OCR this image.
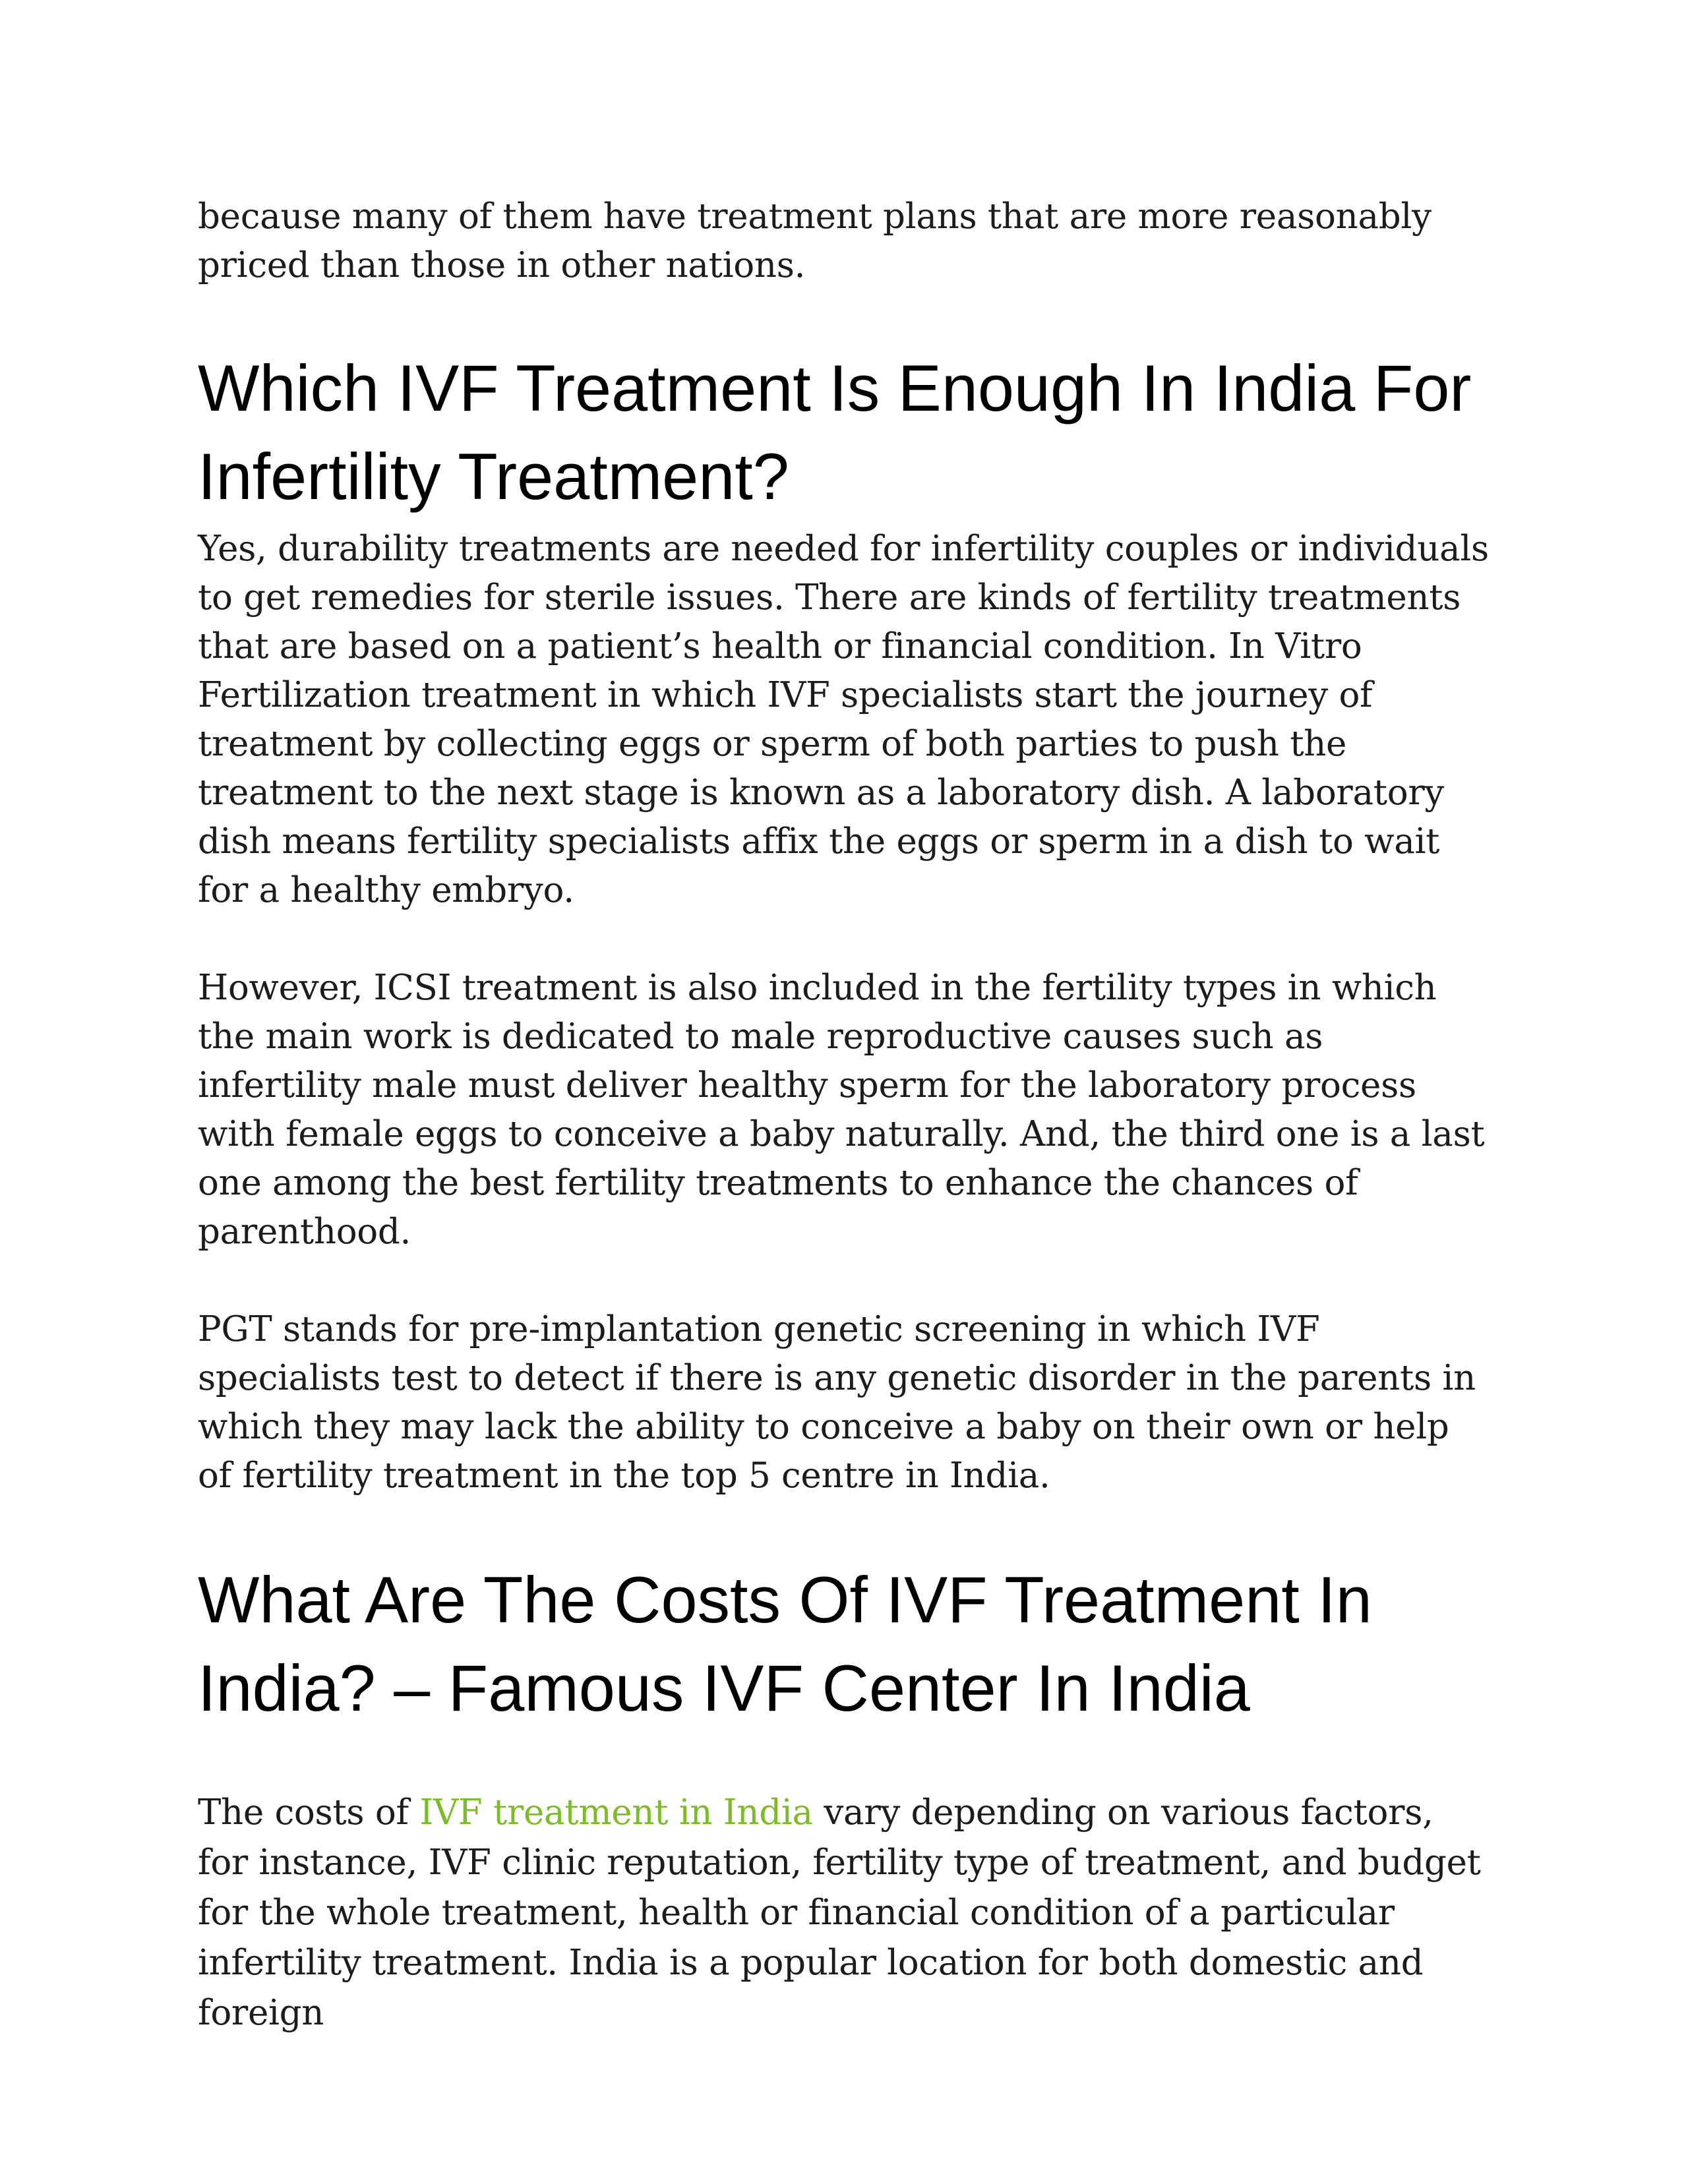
because many of them have treatment plans that are more reasonably priced than those in other nations.

Which IVF Treatment Is Enough In India For Infertility Treatment?

Yes, durability treatments are needed for infertility couples or individuals to get remedies for sterile issues. There are kinds of fertility treatments that are based on a patient’s health or financial condition. In Vitro Fertilization treatment in which IVF specialists start the journey of treatment by collecting eggs or sperm of both parties to push the treatment to the next stage is known as a laboratory dish. A laboratory dish means fertility specialists affix the eggs or sperm in a dish to wait for a healthy embryo.

However, ICSI treatment is also included in the fertility types in which the main work is dedicated to male reproductive causes such as infertility male must deliver healthy sperm for the laboratory process with female eggs to conceive a baby naturally. And, the third one is a last one among the best fertility treatments to enhance the chances of parenthood.

PGT stands for pre-implantation genetic screening in which IVF specialists test to detect if there is any genetic disorder in the parents in which they may lack the ability to conceive a baby on their own or help of fertility treatment in the top 5 centre in India.

What Are The Costs Of IVF Treatment In India? – Famous IVF Center In India

The costs of IVF treatment in India vary depending on various factors, for instance, IVF clinic reputation, fertility type of treatment, and budget for the whole treatment, health or financial condition of a particular infertility treatment. India is a popular location for both domestic and foreign
